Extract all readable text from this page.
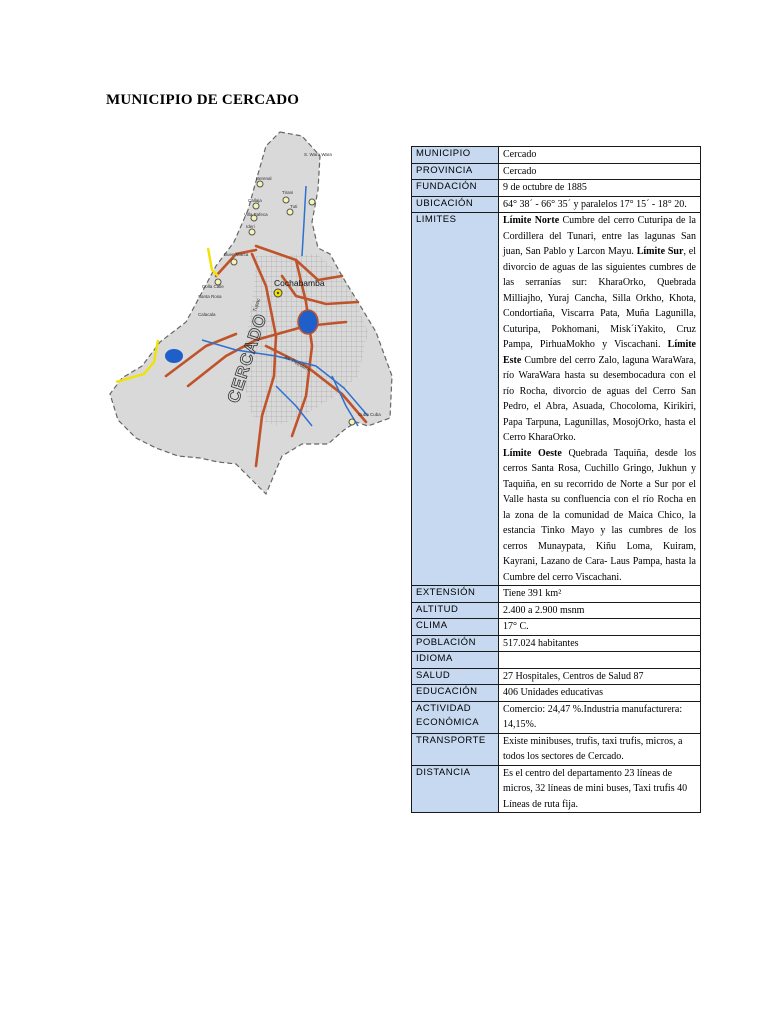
MUNICIPIO DE CERCADO
Cochabamba
CERCADO
Tupac
Av. Petrolera
Tirani
Tuti
Ideri
Villa Pafeca
Berenal
Callaja
Buen Marca
Colla Calle
Santa Rosa
Calacala
Cuba Cuba
S. Wara Wara	MUNICIPIO	Cercado
PROVINCIA	Cercado
FUNDACIÓN	9 de octubre de 1885
UBICACIÓN	64° 38´ - 66° 35´ y paralelos 17° 15´ - 18° 20.
LIMITES	Límite Norte Cumbre del cerro Cuturipa de la Cordillera del Tunari, entre las lagunas San juan, San Pablo y Larcon Mayu. Límite Sur, el divorcio de aguas de las siguientes cumbres de las serranías sur: KharaOrko, Quebrada Milliajho, Yuraj Cancha, Silla Orkho, Khota, Condortiaña, Viscarra Pata, Muña Lagunilla, Cuturipa, Pokhomani, Misk´iYakito, Cruz Pampa, PirhuaMokho y Viscachani. Límite Este Cumbre del cerro Zalo, laguna WaraWara, río WaraWara hasta su desembocadura con el río Rocha, divorcio de aguas del Cerro San Pedro, el Abra, Asuada, Chocoloma, Kirikiri, Papa Tarpuna, Lagunillas, MosojOrko, hasta el Cerro KharaOrko.
Límite Oeste Quebrada Taquiña, desde los cerros Santa Rosa, Cuchillo Gringo, Jukhun y Taquiña, en su recorrido de Norte a Sur por el Valle hasta su confluencia con el río Rocha en la zona de la comunidad de Maica Chico, la estancia Tinko Mayo y las cumbres de los cerros Munaypata, Kiñu Loma, Kuiram, Kayrani, Lazano de Cara- Laus Pampa, hasta la Cumbre del cerro Viscachani.
EXTENSIÓN	Tiene 391 km²
ALTITUD	2.400 a 2.900 msnm
CLIMA	17° C.
POBLACIÓN	517.024 habitantes
IDIOMA	
SALUD	27 Hospitales, Centros de Salud 87
EDUCACIÓN	406 Unidades educativas
ACTIVIDAD ECONÓMICA	Comercio: 24,47 %.Industria manufacturera: 14,15%.
TRANSPORTE	Existe minibuses, trufis, taxi trufis, micros, a todos los sectores de Cercado.
DISTANCIA	Es el centro del departamento 23 líneas de micros, 32 líneas de mini buses, Taxi trufis 40 Líneas de ruta fija.
